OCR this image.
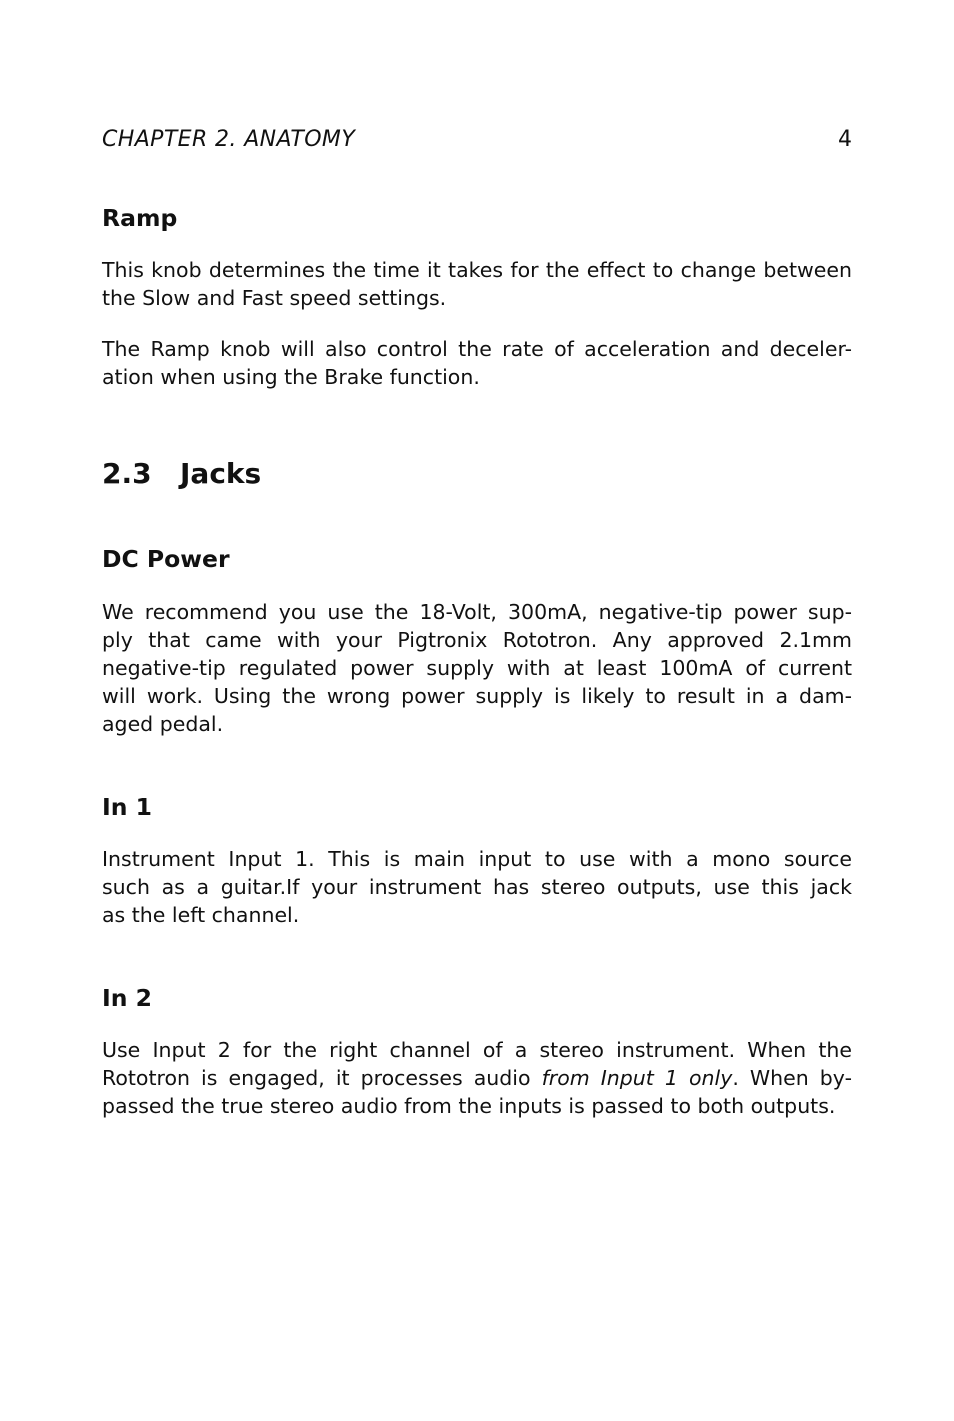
CHAPTER 2. ANATOMY	4
Ramp

This knob determines the time it takes for the effect to change between
the Slow and Fast speed settings.

The Ramp knob will also control the rate of acceleration and deceler-
ation when using the Brake function.

2.3 Jacks
DC Power

We recommend you use the 18-Volt, 300mA, negative-tip power sup-
ply that came with your Pigtronix Rototron. Any approved 2.1mm
negative-tip regulated power supply with at least 100mA of current
will work. Using the wrong power supply is likely to result in a dam-
aged pedal.

In 1

Instrument Input 1. This is main input to use with a mono source
such as a guitar.If your instrument has stereo outputs, use this jack
as the left channel.

In 2

Use Input 2 for the right channel of a stereo instrument. When the
Rototron is engaged, it processes audio from Input 1 only. When by-
passed the true stereo audio from the inputs is passed to both outputs.
